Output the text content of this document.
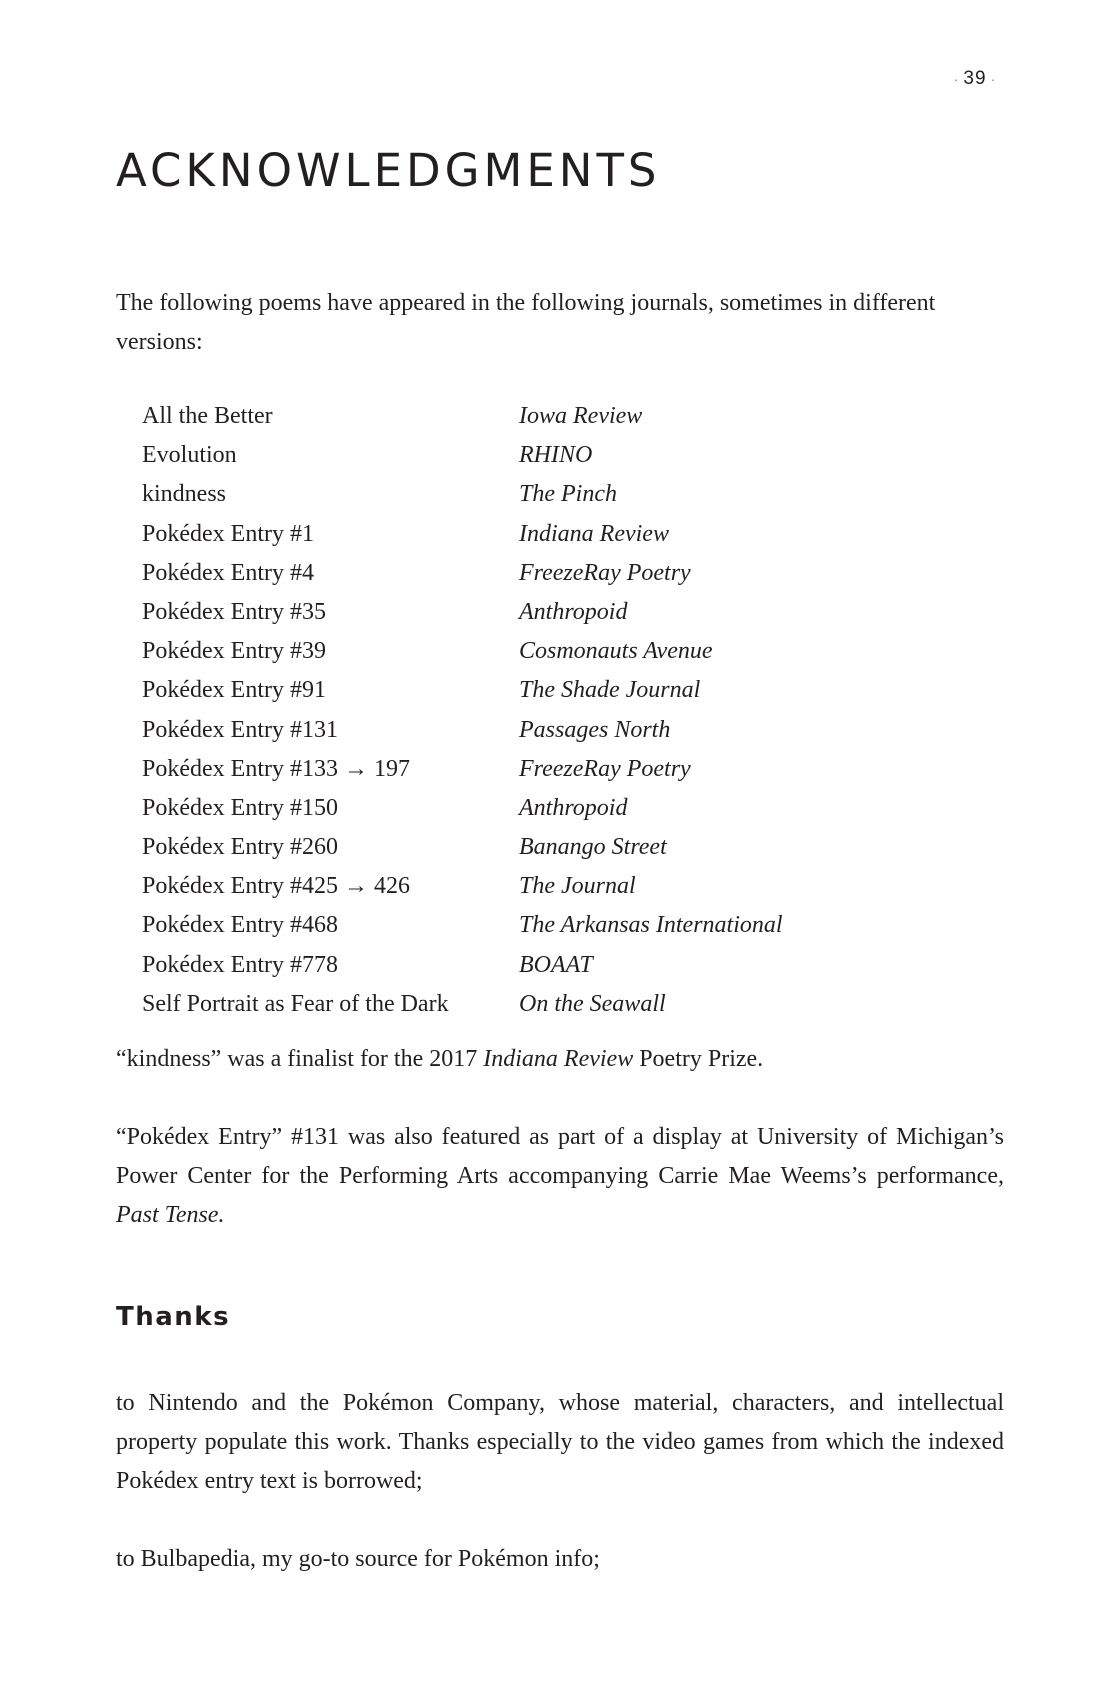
· 39 ·
ACKNOWLEDGMENTS

The following poems have appeared in the following journals, sometimes in different versions:

All the Better	Iowa Review
Evolution	RHINO
kindness	The Pinch
Pokédex Entry #1	Indiana Review
Pokédex Entry #4	FreezeRay Poetry
Pokédex Entry #35	Anthropoid
Pokédex Entry #39	Cosmonauts Avenue
Pokédex Entry #91	The Shade Journal
Pokédex Entry #131	Passages North
Pokédex Entry #133 → 197	FreezeRay Poetry
Pokédex Entry #150	Anthropoid
Pokédex Entry #260	Banango Street
Pokédex Entry #425 → 426	The Journal
Pokédex Entry #468	The Arkansas International
Pokédex Entry #778	BOAAT
Self Portrait as Fear of the Dark	On the Seawall

“kindness” was a finalist for the 2017 Indiana Review Poetry Prize.

“Pokédex Entry” #131 was also featured as part of a display at University of Michigan’s Power Center for the Performing Arts accompanying Carrie Mae Weems’s performance, Past Tense.

Thanks

to Nintendo and the Pokémon Company, whose material, characters, and intellectual property populate this work. Thanks especially to the video games from which the indexed Pokédex entry text is borrowed;

to Bulbapedia, my go-to source for Pokémon info;
